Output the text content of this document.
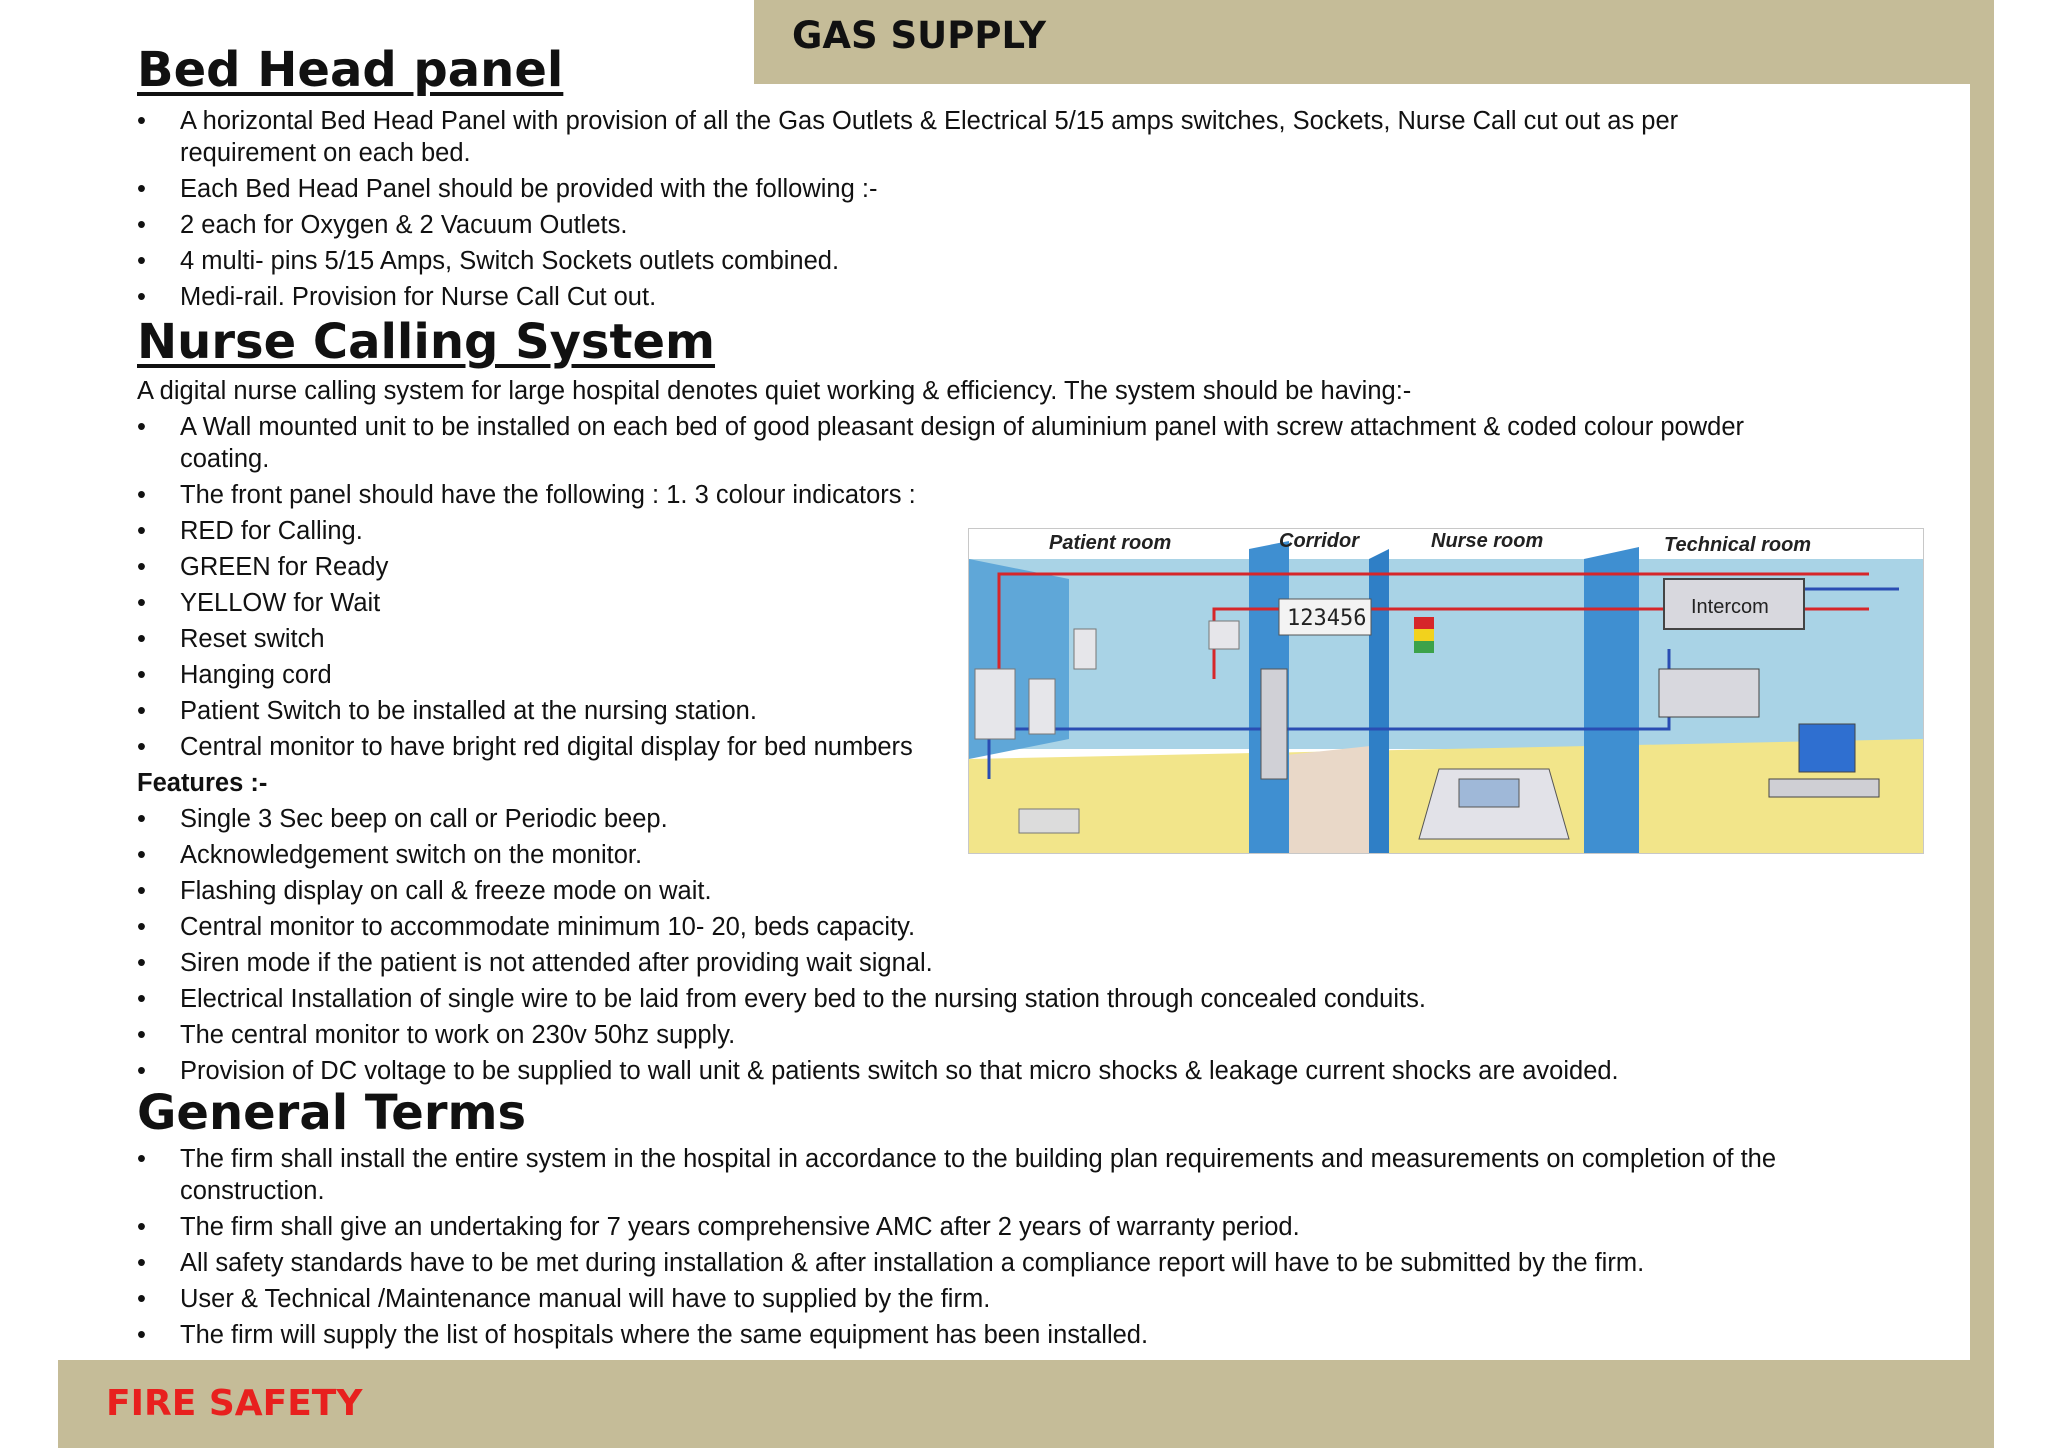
GAS SUPPLY
FIRE SAFETY
Bed Head panel
• A horizontal Bed Head Panel with provision of all the Gas Outlets & Electrical 5/15 amps switches, Sockets, Nurse Call cut out as per requirement on each bed.
• Each Bed Head Panel should be provided with the following :-
• 2 each for Oxygen & 2 Vacuum Outlets.
• 4 multi- pins 5/15 Amps, Switch Sockets outlets combined.
• Medi-rail. Provision for Nurse Call Cut out.
Nurse Calling System

A digital nurse calling system for large hospital denotes quiet working & efficiency. The system should be having:-

• A Wall mounted unit to be installed on each bed of good pleasant design of aluminium panel with screw attachment & coded colour powder coating.
• The front panel should have the following : 1. 3 colour indicators :
• RED for Calling.
• GREEN for Ready
• YELLOW for Wait
• Reset switch
• Hanging cord
• Patient Switch to be installed at the nursing station.
• Central monitor to have bright red digital display for bed numbers

Features :-

• Single 3 Sec beep on call or Periodic beep.
• Acknowledgement switch on the monitor.
• Flashing display on call & freeze mode on wait.
• Central monitor to accommodate minimum 10- 20, beds capacity.
• Siren mode if the patient is not attended after providing wait signal.
• Electrical Installation of single wire to be laid from every bed to the nursing station through concealed conduits.
• The central monitor to work on 230v 50hz supply.
• Provision of DC voltage to be supplied to wall unit & patients switch so that micro shocks & leakage current shocks are avoided.
Patient room	Corridor	Nurse room	Technical room
123456	Intercom
General Terms
• The firm shall install the entire system in the hospital in accordance to the building plan requirements and measurements on completion of the construction.
• The firm shall give an undertaking for 7 years comprehensive AMC after 2 years of warranty period.
• All safety standards have to be met during installation & after installation a compliance report will have to be submitted by the firm.
• User & Technical /Maintenance manual will have to supplied by the firm.
• The firm will supply the list of hospitals where the same equipment has been installed.
